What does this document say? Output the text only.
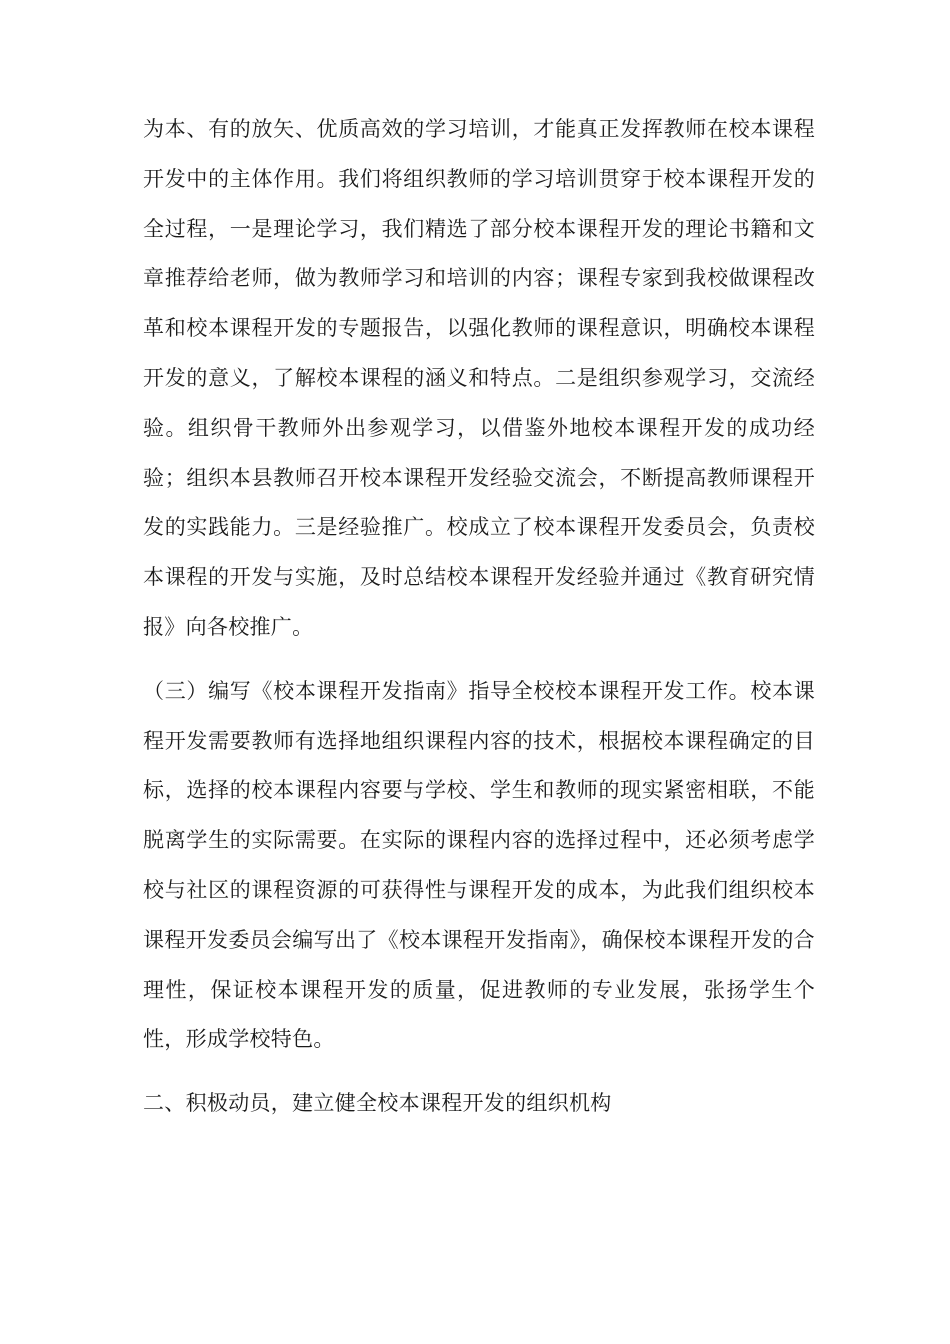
为本、有的放矢、优质高效的学习培训，才能真正发挥教师在校本课程开发中的主体作用。我们将组织教师的学习培训贯穿于校本课程开发的全过程，一是理论学习，我们精选了部分校本课程开发的理论书籍和文章推荐给老师，做为教师学习和培训的内容；课程专家到我校做课程改革和校本课程开发的专题报告，以强化教师的课程意识，明确校本课程开发的意义，了解校本课程的涵义和特点。二是组织参观学习，交流经验。组织骨干教师外出参观学习，以借鉴外地校本课程开发的成功经验；组织本县教师召开校本课程开发经验交流会，不断提高教师课程开发的实践能力。三是经验推广。校成立了校本课程开发委员会，负责校本课程的开发与实施，及时总结校本课程开发经验并通过《教育研究情报》向各校推广。

（三）编写《校本课程开发指南》指导全校校本课程开发工作。校本课程开发需要教师有选择地组织课程内容的技术，根据校本课程确定的目标，选择的校本课程内容要与学校、学生和教师的现实紧密相联，不能脱离学生的实际需要。在实际的课程内容的选择过程中，还必须考虑学校与社区的课程资源的可获得性与课程开发的成本，为此我们组织校本课程开发委员会编写出了《校本课程开发指南》，确保校本课程开发的合理性，保证校本课程开发的质量，促进教师的专业发展，张扬学生个性，形成学校特色。

二、积极动员，建立健全校本课程开发的组织机构
